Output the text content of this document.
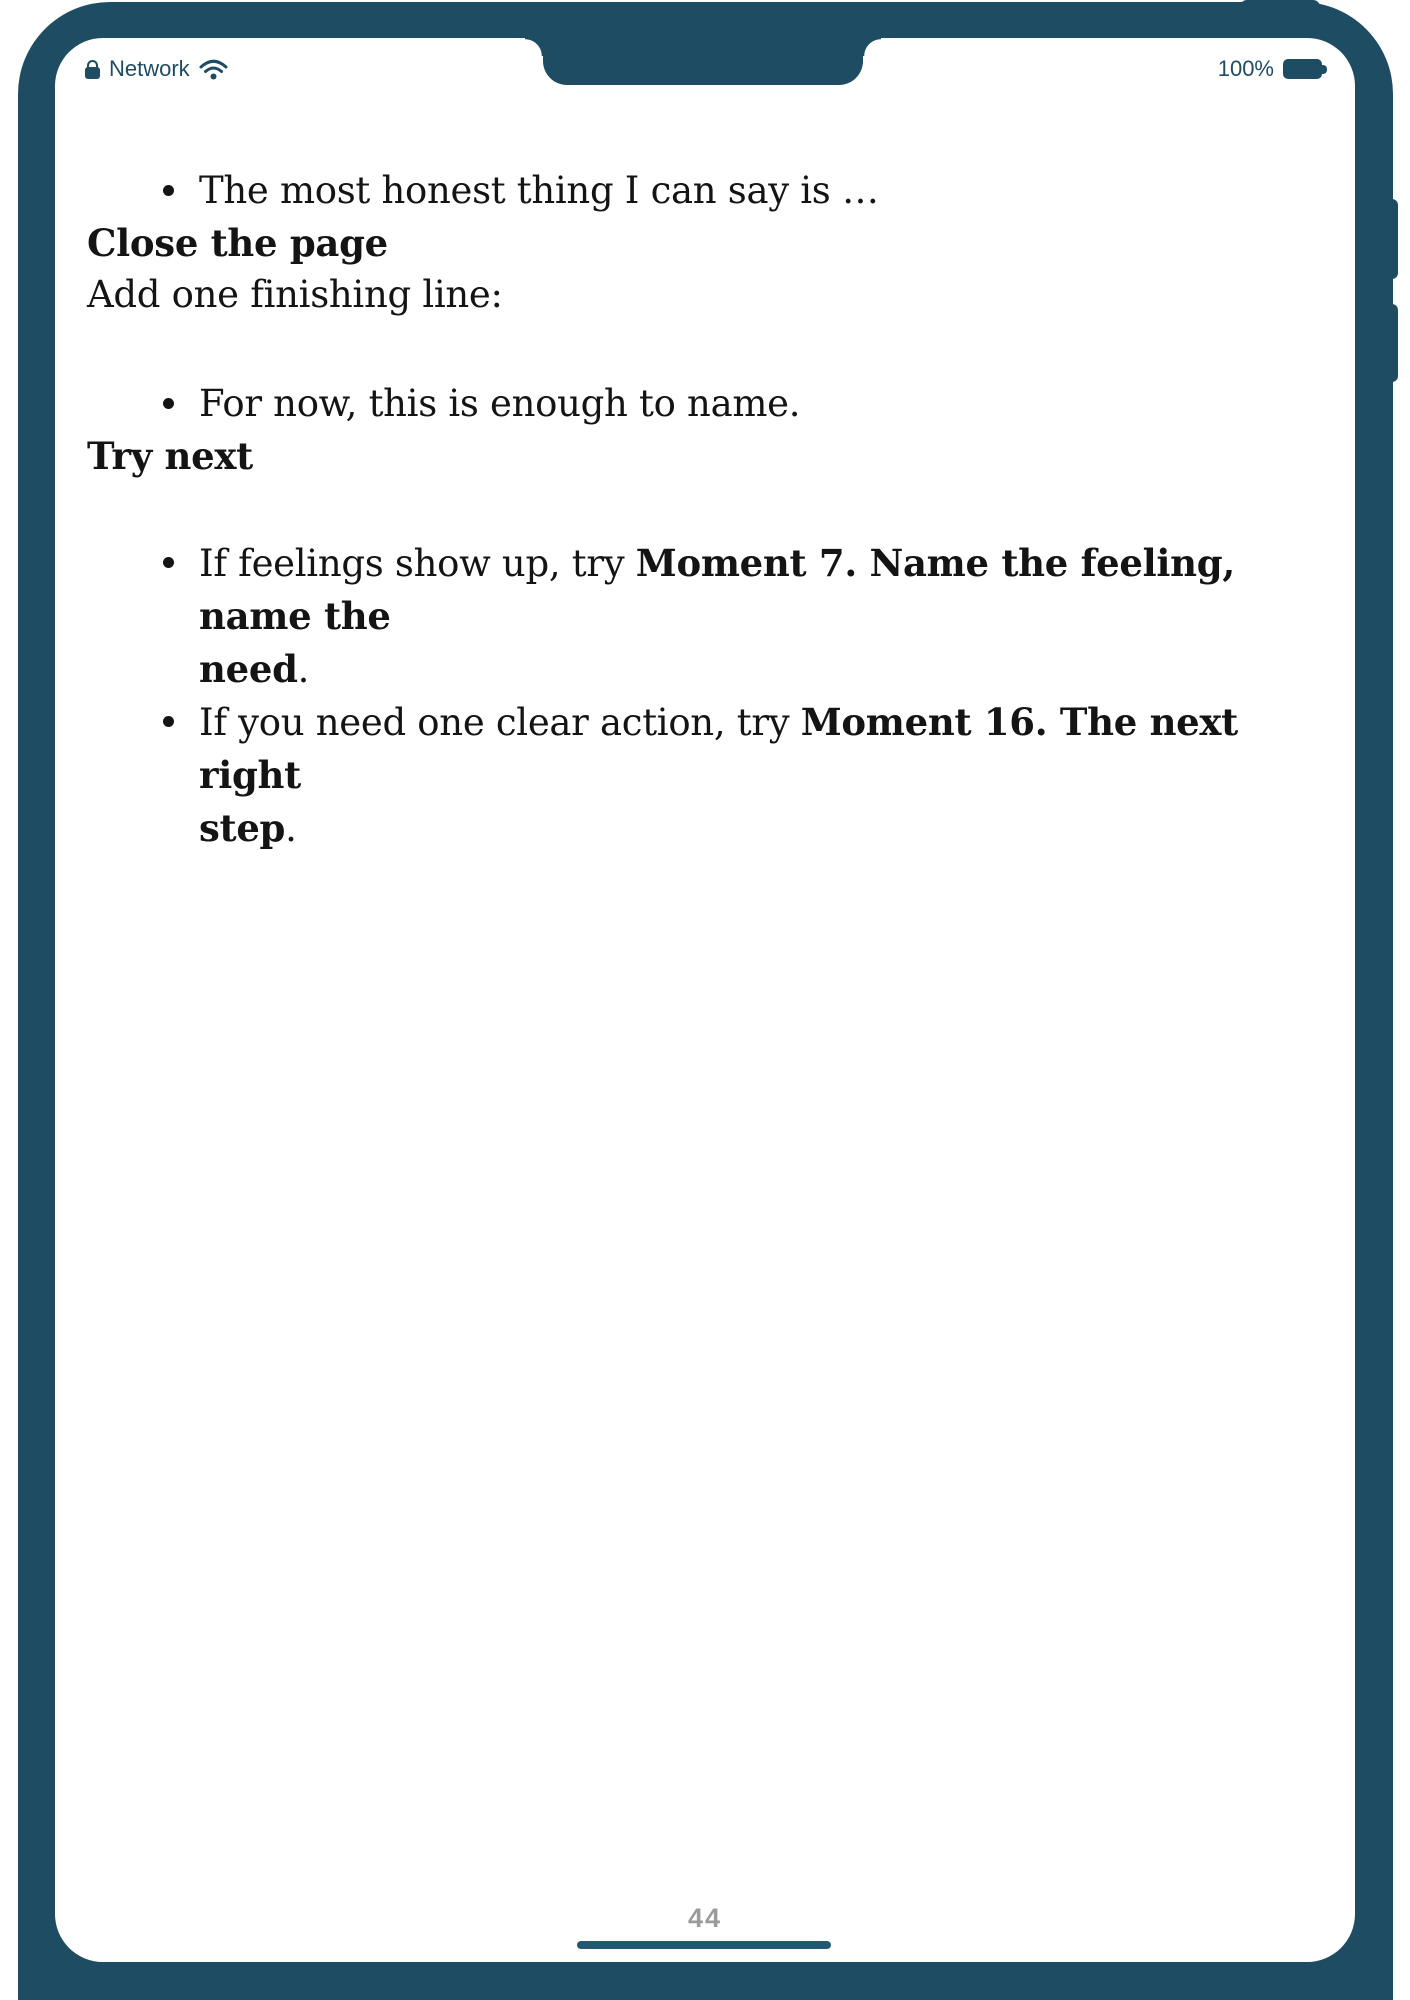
Network	100%
The most honest thing I can say is …

Close the page

Add one finishing line:

For now, this is enough to name.

Try next

If feelings show up, try Moment 7. Name the feeling, name the
need.
If you need one clear action, try Moment 16. The next right
step.
44
